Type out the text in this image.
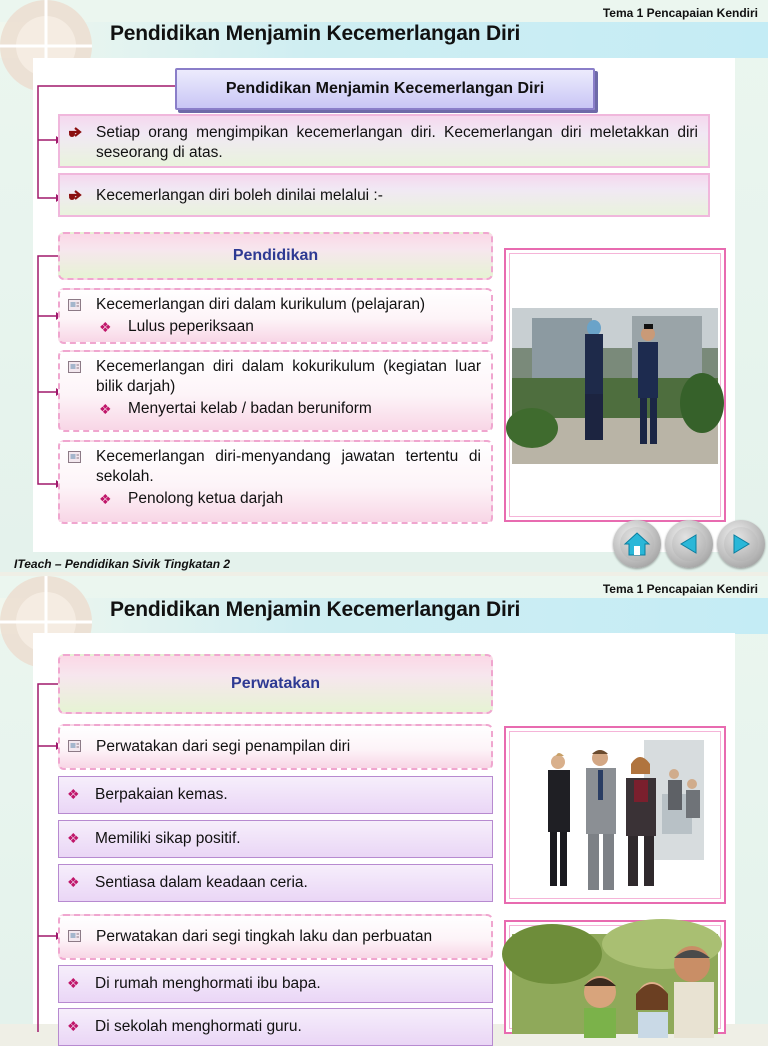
Tema 1 Pencapaian Kendiri
Pendidikan Menjamin Kecemerlangan Diri
Pendidikan Menjamin Kecemerlangan Diri
Setiap orang mengimpikan kecemerlangan diri. Kecemerlangan diri meletakkan diri seseorang di atas.
Kecemerlangan diri boleh dinilai melalui :-
Pendidikan
Kecemerlangan diri dalam kurikulum (pelajaran)
❖ Lulus peperiksaan
Kecemerlangan diri dalam kokurikulum (kegiatan luar bilik darjah)
❖ Menyertai kelab / badan beruniform
Kecemerlangan diri-menyandang jawatan tertentu di sekolah.
❖ Penolong ketua darjah
ITeach – Pendidikan Sivik Tingkatan 2
Tema 1 Pencapaian Kendiri
Pendidikan Menjamin Kecemerlangan Diri
Perwatakan
Perwatakan dari segi penampilan diri
❖ Berpakaian kemas.
❖ Memiliki sikap positif.
❖ Sentiasa dalam keadaan ceria.
Perwatakan dari segi tingkah laku dan perbuatan
❖ Di rumah menghormati ibu bapa.
❖ Di sekolah menghormati guru.
